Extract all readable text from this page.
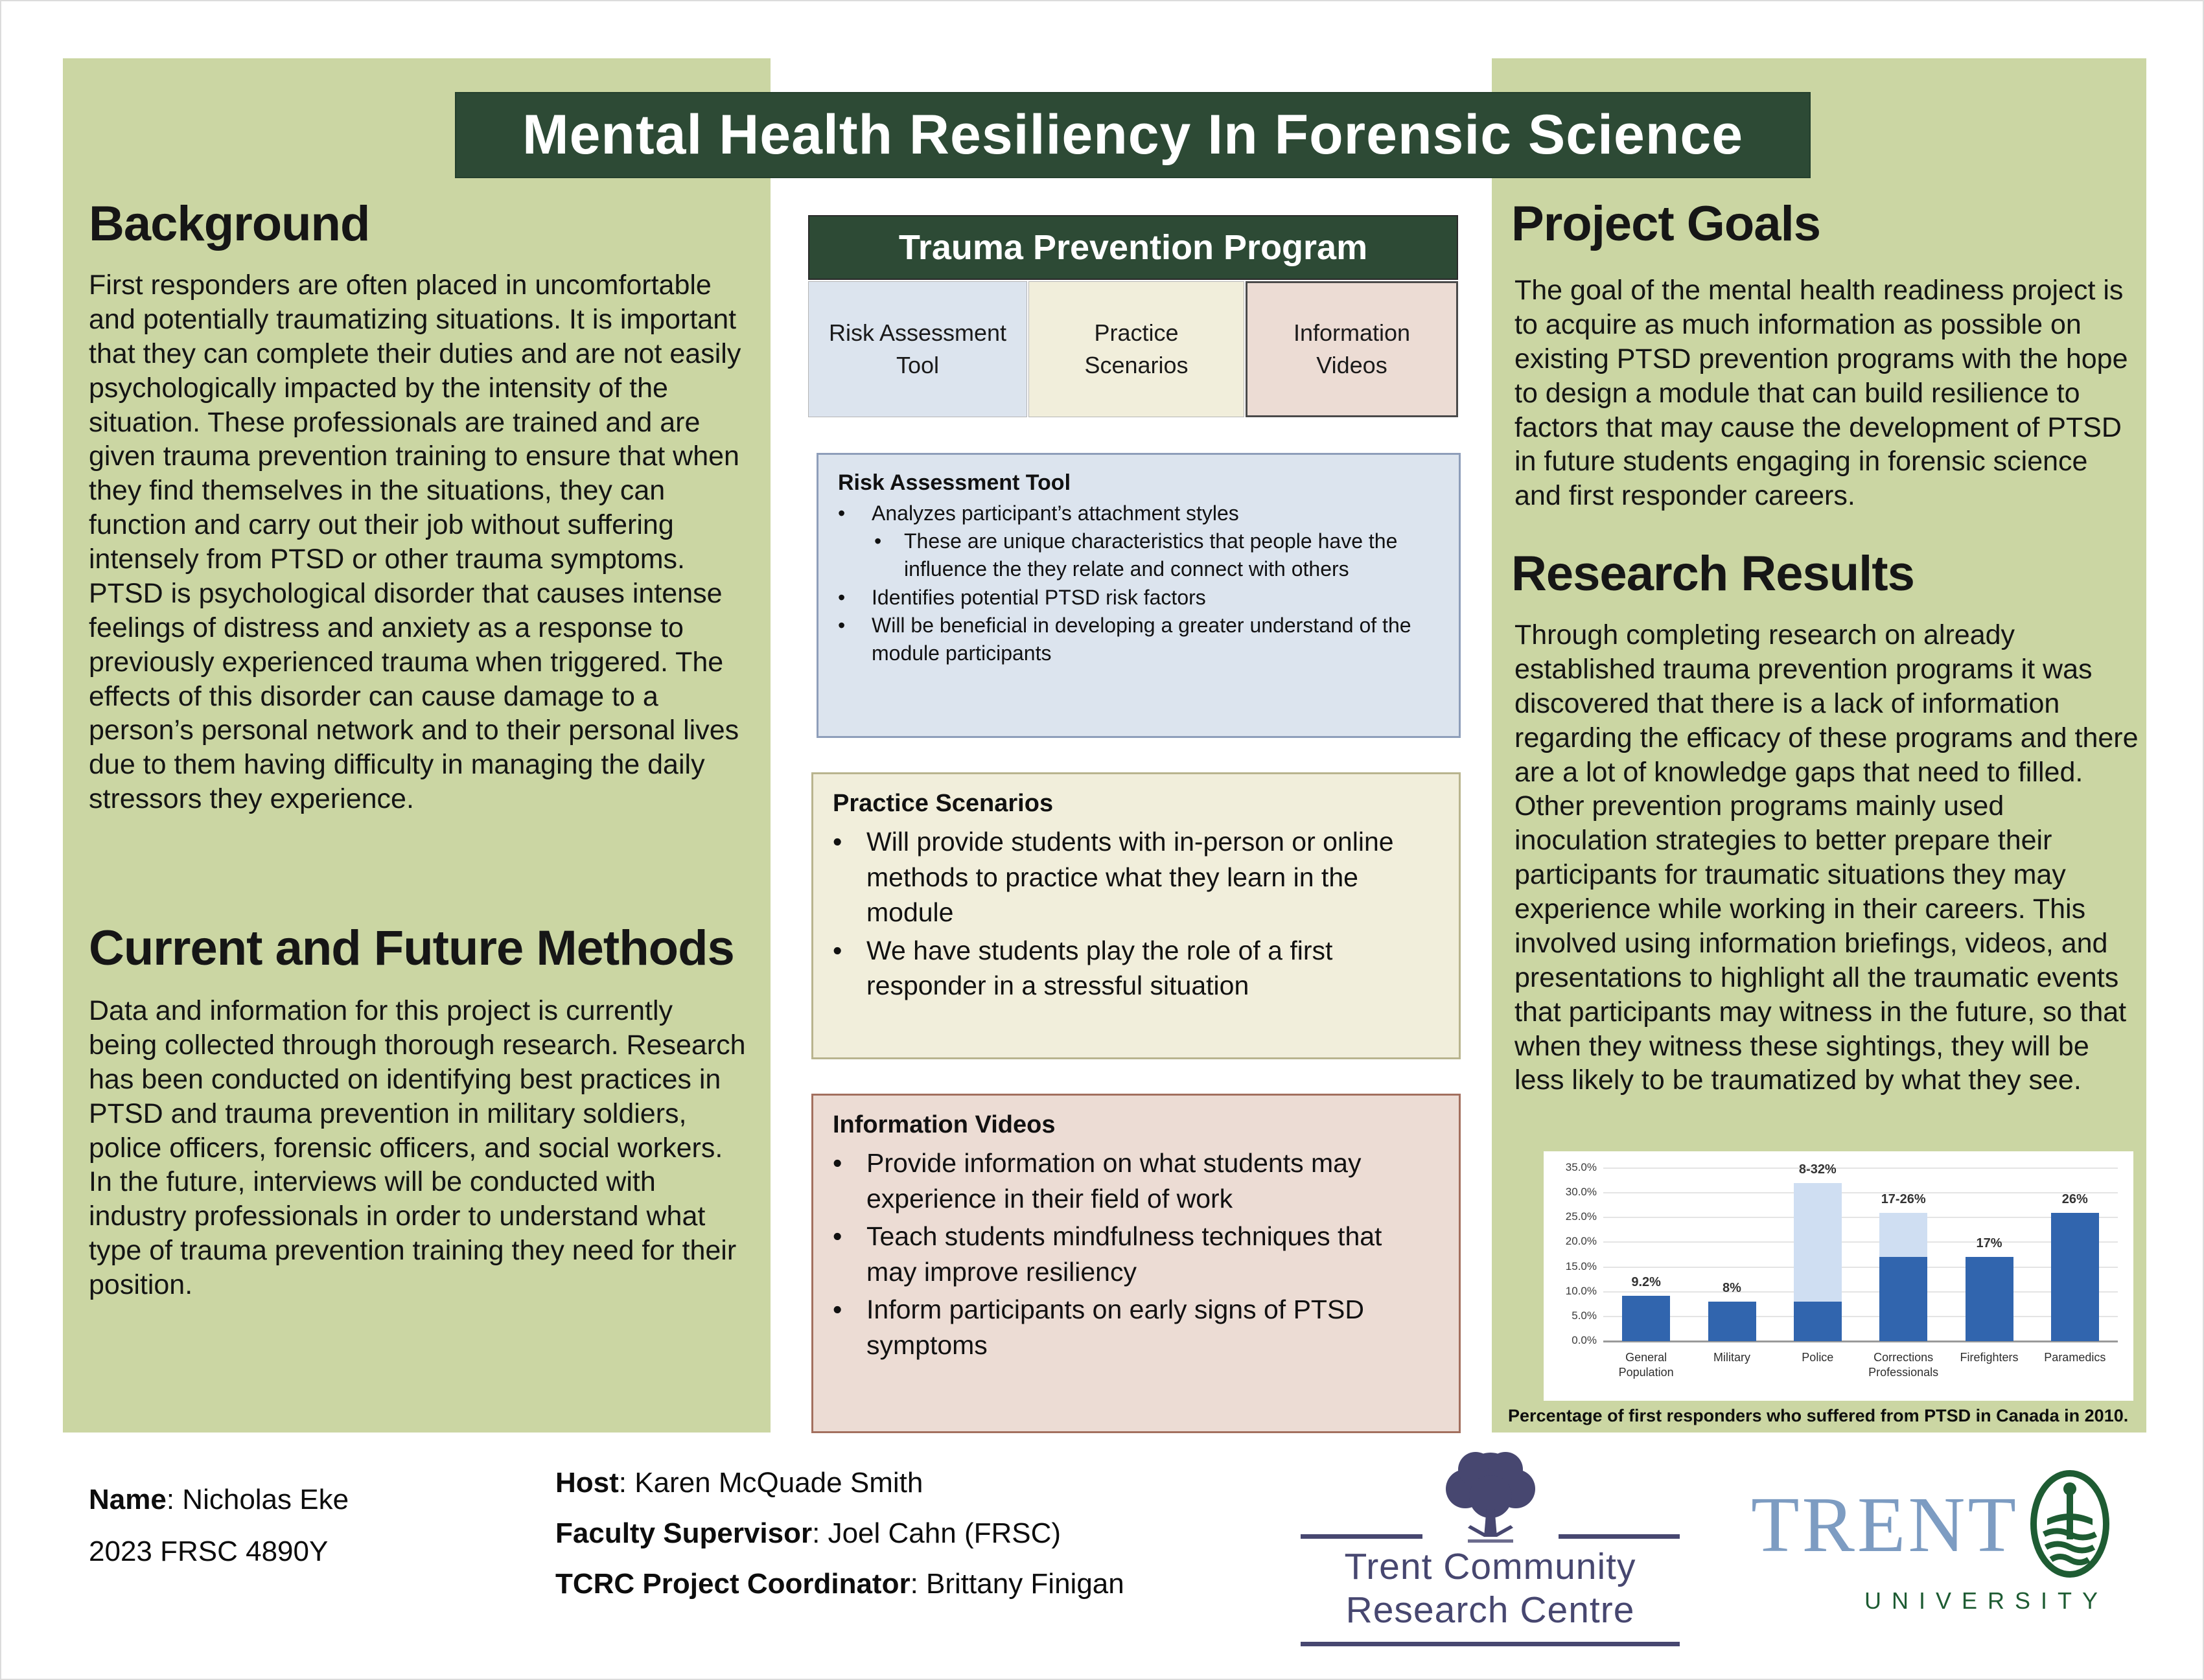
Mental Health Resiliency In Forensic Science
Background
First responders are often placed in uncomfortable and potentially traumatizing situations. It is important that they can complete their duties and are not easily psychologically impacted by the intensity of the situation. These professionals are trained and are given trauma prevention training to ensure that when they find themselves in the situations, they can function and carry out their job without suffering intensely from PTSD or other trauma symptoms. PTSD is psychological disorder that causes intense feelings of distress and anxiety as a response to previously experienced trauma when triggered. The effects of this disorder can cause damage to a person’s personal network and to their personal lives due to them having difficulty in managing the daily stressors they experience.
Current and Future Methods
Data and information for this project is currently being collected through thorough research. Research has been conducted on identifying best practices in PTSD and trauma prevention in military soldiers, police officers, forensic officers, and social workers. In the future, interviews will be conducted with industry professionals in order to understand what type of trauma prevention training they need for their position.
Trauma Prevention Program
Risk Assessment Tool
Practice Scenarios
Information Videos
Risk Assessment Tool
•	Analyzes participant’s attachment styles
•	These are unique characteristics that people have the influence the they relate and connect with others
•	Identifies potential PTSD risk factors
•	Will be beneficial in developing a greater understand of the module participants
Practice Scenarios
• Will provide students with in-person or online methods to practice what they learn in the module
• We have students play the role of a first responder in a stressful situation
Information Videos
• Provide information on what students may experience in their field of work
• Teach students mindfulness techniques that may improve resiliency
• Inform participants on early signs of PTSD symptoms
Project Goals
The goal of the mental health readiness project is to acquire as much information as possible on existing PTSD prevention programs with the hope to design a module that can build resilience to factors that may cause the development of PTSD in future students engaging in forensic science and first responder careers.
Research Results
Through completing research on already established trauma prevention programs it was discovered that there is a lack of information regarding the efficacy of these programs and there are a lot of knowledge gaps that need to filled. Other prevention programs mainly used inoculation strategies to better prepare their participants for traumatic situations they may experience while working in their careers. This involved using information briefings, videos, and presentations to highlight all the traumatic events that participants may witness in the future, so that when they witness these sightings, they will be less likely to be traumatized by what they see.
0.0%
5.0%
10.0%
15.0%
20.0%
25.0%
30.0%
35.0%
9.2%
General Population
8%
Military
8-32%
Police
17-26%
Corrections Professionals
17%
Firefighters
26%
Paramedics
Percentage of first responders who suffered from PTSD in Canada in 2010.
Name: Nicholas Eke
2023 FRSC 4890Y
Host: Karen McQuade Smith
Faculty Supervisor: Joel Cahn (FRSC)
TCRC Project Coordinator: Brittany Finigan	Trent Community
Research Centre
TRENT
UNIVERSITY
